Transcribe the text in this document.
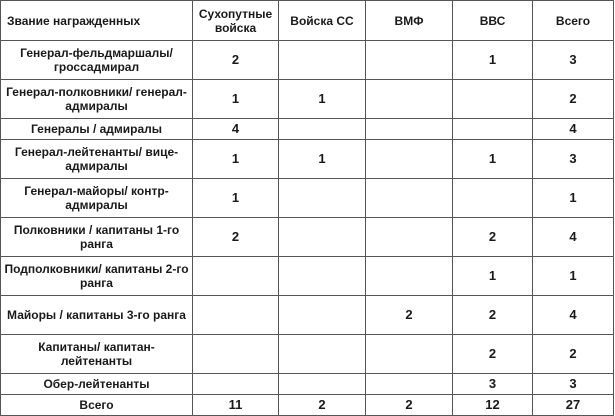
Звание награжденных	Сухопутные войска	Войска СС	ВМФ	ВВС	Всего
Генерал-фельдмаршалы/ гроссадмирал	2			1	3
Генерал-полковники/ генерал-адмиралы	1	1			2
Генералы / адмиралы	4				4
Генерал-лейтенанты/ вице-адмиралы	1	1		1	3
Генерал-майоры/ контр-адмиралы	1				1
Полковники / капитаны 1-го ранга	2			2	4
Подполковники/ капитаны 2-го ранга				1	1
Майоры / капитаны 3-го ранга			2	2	4
Капитаны/ капитан-лейтенанты				2	2
Обер-лейтенанты				3	3
Всего	11	2	2	12	27
